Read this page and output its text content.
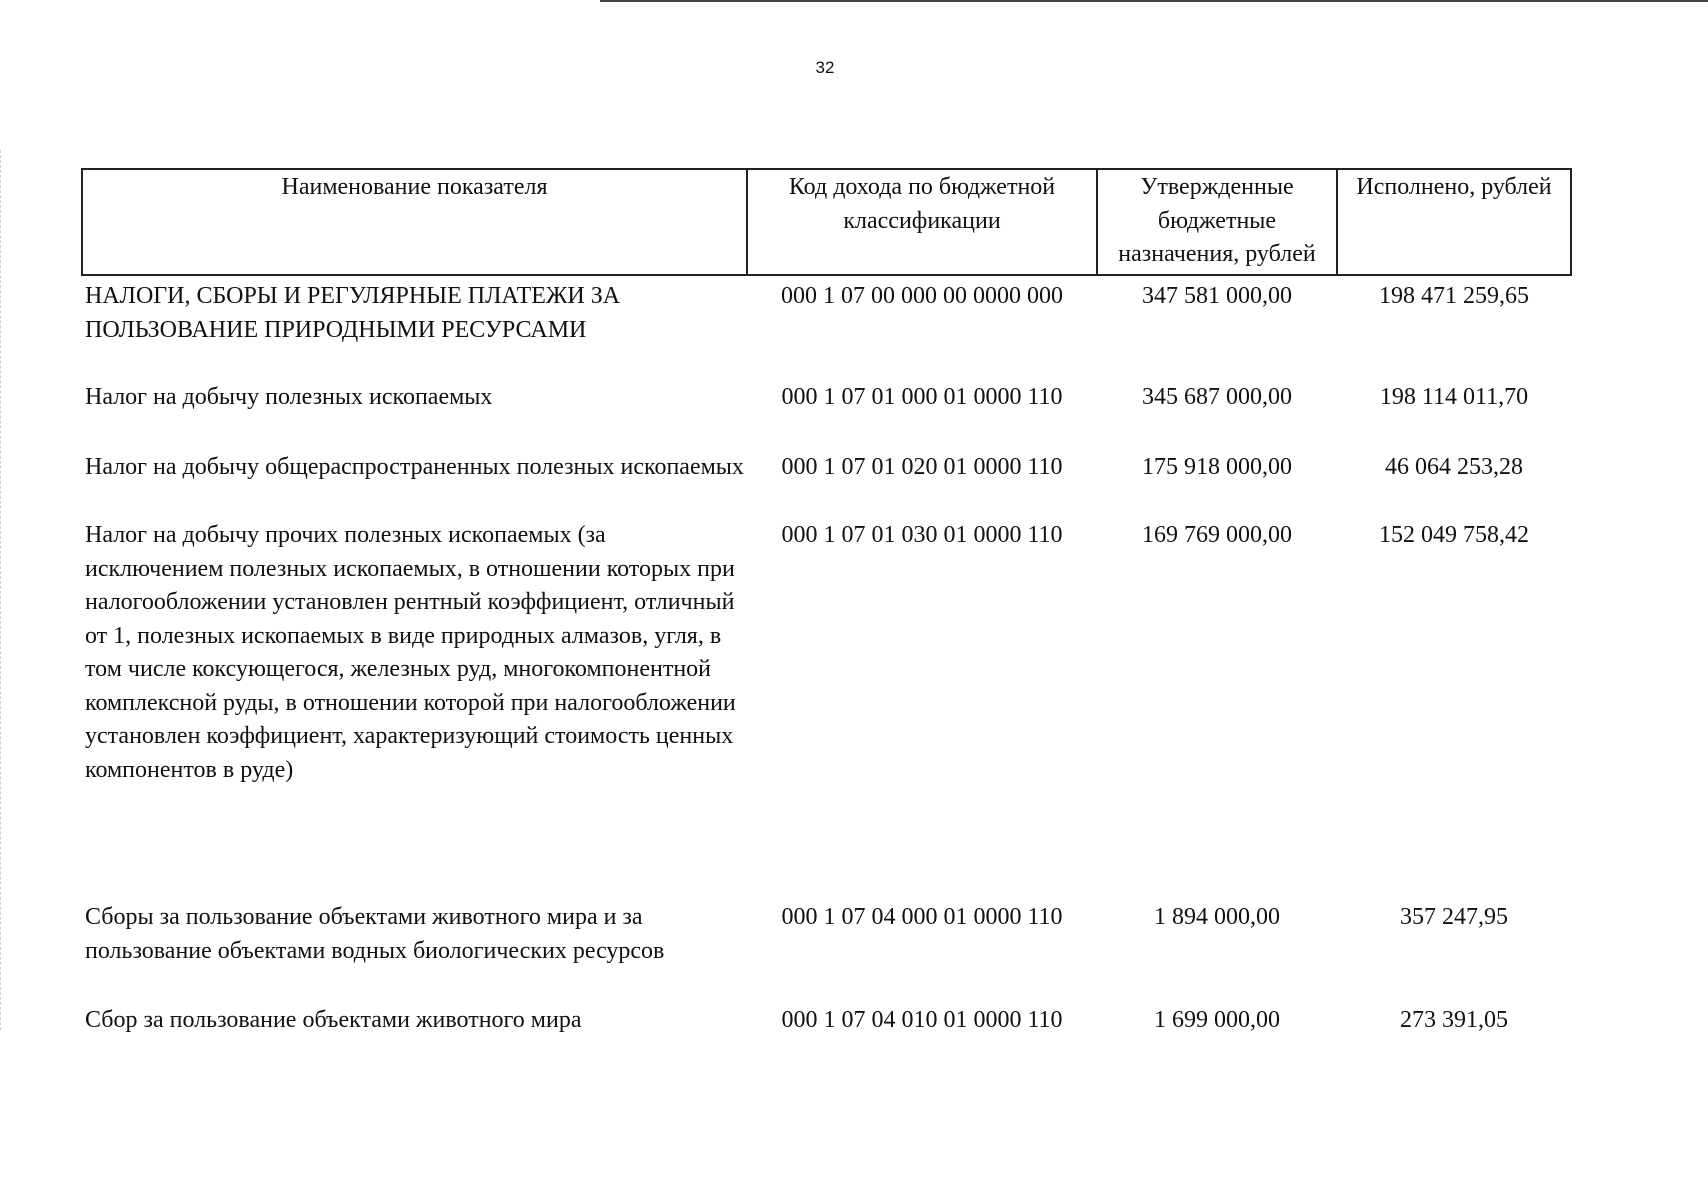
32
Наименование показателя	Код дохода по бюджетной классификации	Утвержденные бюджетные назначения, рублей	Исполнено, рублей
НАЛОГИ, СБОРЫ И РЕГУЛЯРНЫЕ ПЛАТЕЖИ ЗА ПОЛЬЗОВАНИЕ ПРИРОДНЫМИ РЕСУРСАМИ	000 1 07 00 000 00 0000 000	347 581 000,00	198 471 259,65
Налог на добычу полезных ископаемых	000 1 07 01 000 01 0000 110	345 687 000,00	198 114 011,70
Налог на добычу общераспространенных полезных ископаемых	000 1 07 01 020 01 0000 110	175 918 000,00	46 064 253,28
Налог на добычу прочих полезных ископаемых (за исключением полезных ископаемых, в отношении которых при налогообложении установлен рентный коэффициент, отличный от 1, полезных ископаемых в виде природных алмазов, угля, в том числе коксующегося, железных руд, многокомпонентной комплексной руды, в отношении которой при налогообложении установлен коэффициент, характеризующий стоимость ценных компонентов в руде)	000 1 07 01 030 01 0000 110	169 769 000,00	152 049 758,42
Сборы за пользование объектами животного мира и за пользование объектами водных биологических ресурсов	000 1 07 04 000 01 0000 110	1 894 000,00	357 247,95
Сбор за пользование объектами животного мира	000 1 07 04 010 01 0000 110	1 699 000,00	273 391,05
